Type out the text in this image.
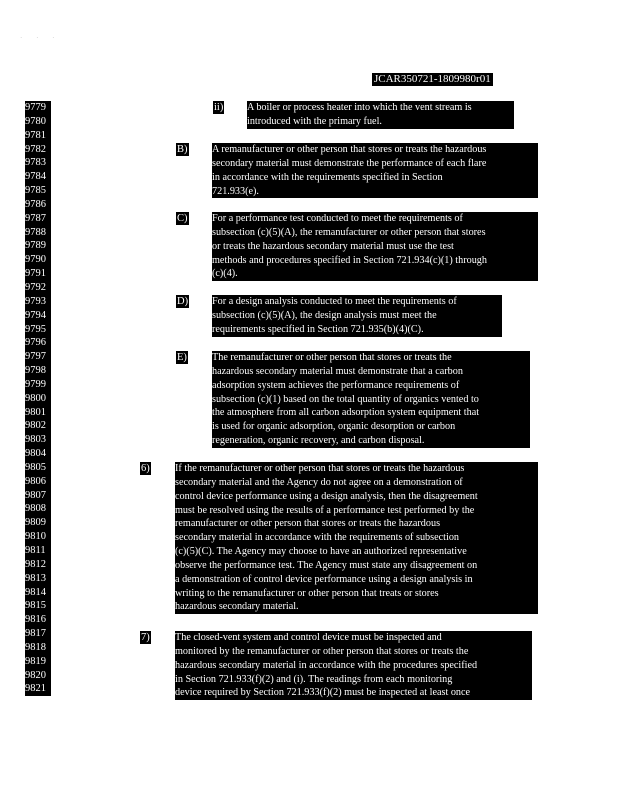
· · ·
JCAR350721-1809980r01
9779
9780
9781
9782
9783
9784
9785
9786
9787
9788
9789
9790
9791
9792
9793
9794
9795
9796
9797
9798
9799
9800
9801
9802
9803
9804
9805
9806
9807
9808
9809
9810
9811
9812
9813
9814
9815
9816
9817
9818
9819
9820
9821
ii) A boiler or process heater into which the vent stream is
introduced with the primary fuel.
B) A remanufacturer or other person that stores or treats the hazardous
secondary material must demonstrate the performance of each flare
in accordance with the requirements specified in Section
721.933(e).
C) For a performance test conducted to meet the requirements of
subsection (c)(5)(A), the remanufacturer or other person that stores
or treats the hazardous secondary material must use the test
methods and procedures specified in Section 721.934(c)(1) through
(c)(4).
D) For a design analysis conducted to meet the requirements of
subsection (c)(5)(A), the design analysis must meet the
requirements specified in Section 721.935(b)(4)(C).
E) The remanufacturer or other person that stores or treats the
hazardous secondary material must demonstrate that a carbon
adsorption system achieves the performance requirements of
subsection (c)(1) based on the total quantity of organics vented to
the atmosphere from all carbon adsorption system equipment that
is used for organic adsorption, organic desorption or carbon
regeneration, organic recovery, and carbon disposal.
6) If the remanufacturer or other person that stores or treats the hazardous
secondary material and the Agency do not agree on a demonstration of
control device performance using a design analysis, then the disagreement
must be resolved using the results of a performance test performed by the
remanufacturer or other person that stores or treats the hazardous
secondary material in accordance with the requirements of subsection
(c)(5)(C). The Agency may choose to have an authorized representative
observe the performance test. The Agency must state any disagreement on
a demonstration of control device performance using a design analysis in
writing to the remanufacturer or other person that treats or stores
hazardous secondary material.
7) The closed-vent system and control device must be inspected and
monitored by the remanufacturer or other person that stores or treats the
hazardous secondary material in accordance with the procedures specified
in Section 721.933(f)(2) and (i). The readings from each monitoring
device required by Section 721.933(f)(2) must be inspected at least once
